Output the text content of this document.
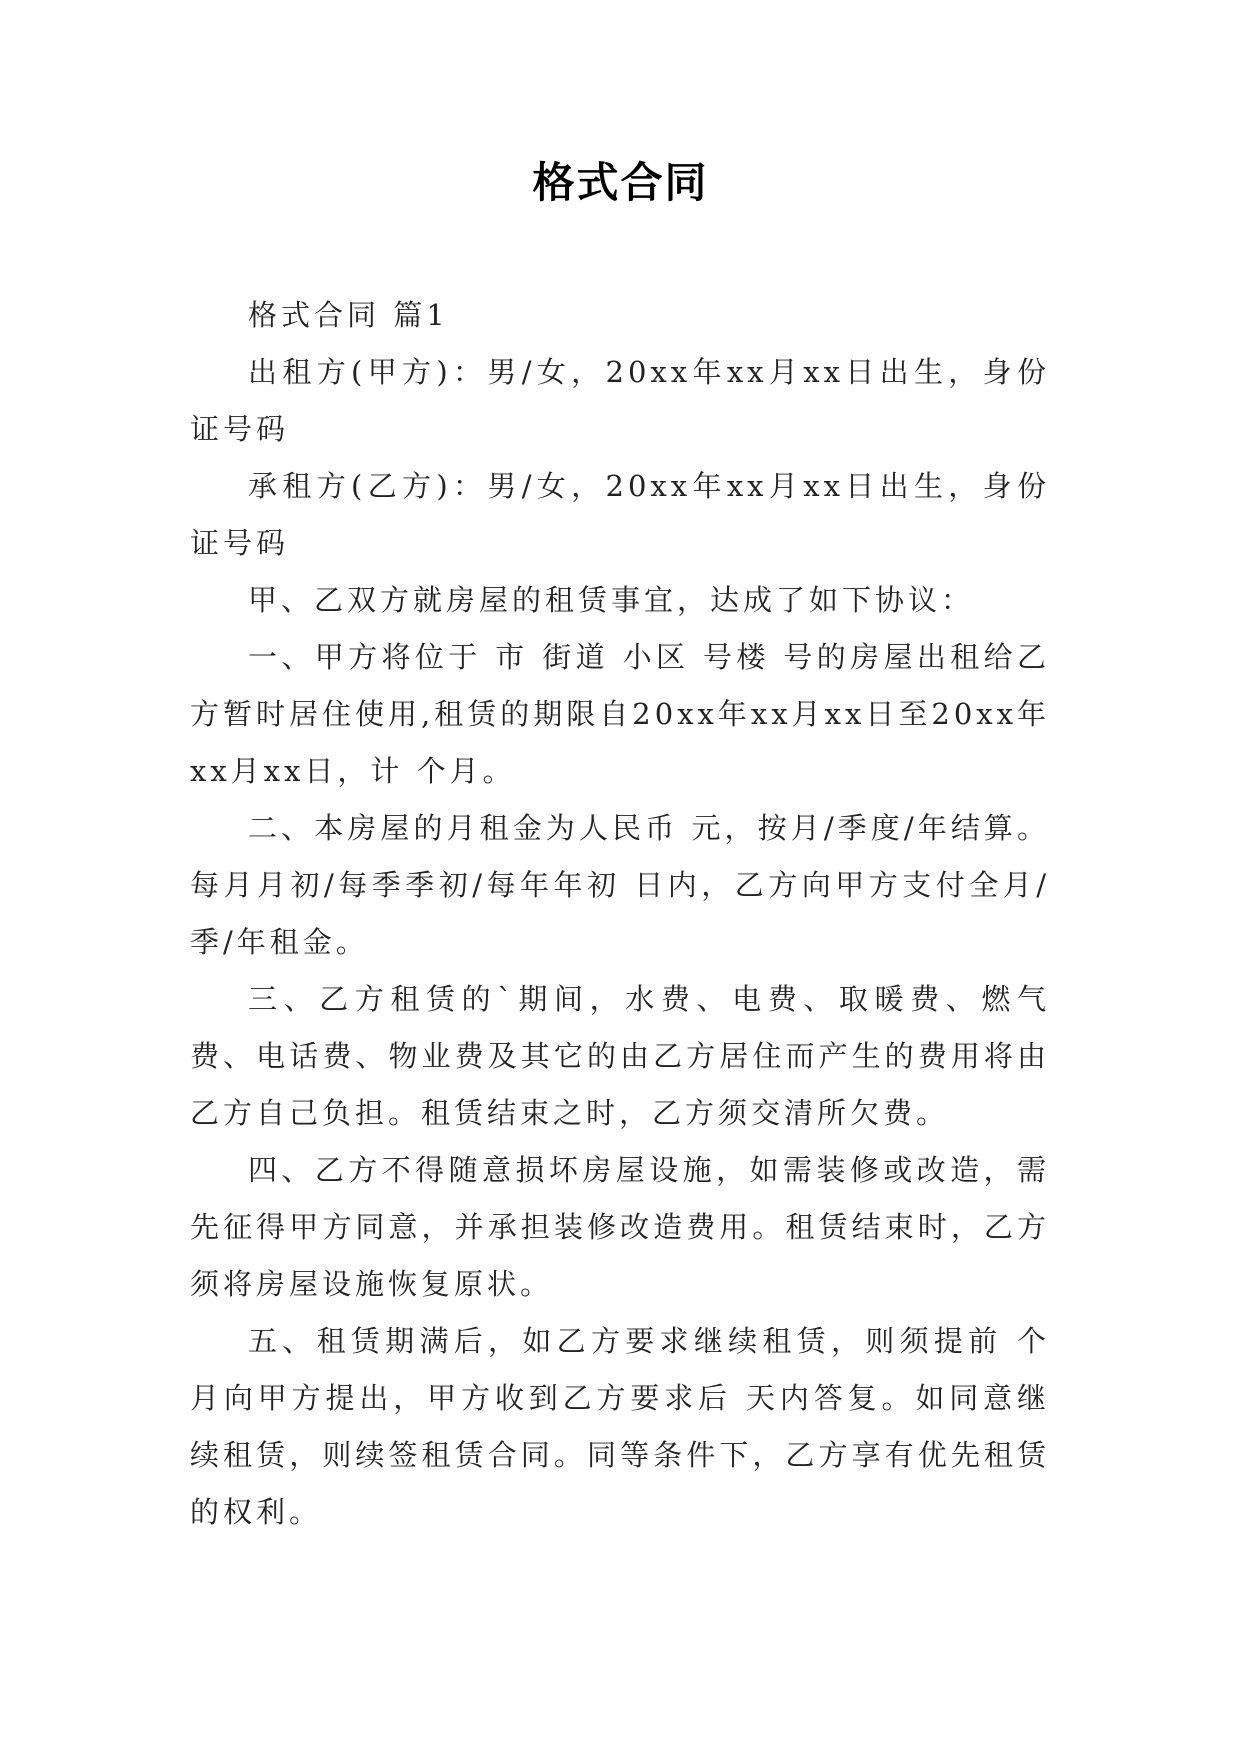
格式合同

格式合同 篇1

出租方(甲方)：男/女，20xx年xx月xx日出生，身份证号码

承租方(乙方)：男/女，20xx年xx月xx日出生，身份证号码

甲、乙双方就房屋的租赁事宜，达成了如下协议：

一、甲方将位于 市 街道 小区 号楼 号的房屋出租给乙方暂时居住使用,租赁的期限自20xx年xx月xx日至20xx年xx月xx日，计 个月。

二、本房屋的月租金为人民币 元，按月/季度/年结算。每月月初/每季季初/每年年初 日内，乙方向甲方支付全月/季/年租金。

三、乙方租赁的`期间，水费、电费、取暖费、燃气费、电话费、物业费及其它的由乙方居住而产生的费用将由乙方自己负担。租赁结束之时，乙方须交清所欠费。

四、乙方不得随意损坏房屋设施，如需装修或改造，需先征得甲方同意，并承担装修改造费用。租赁结束时，乙方须将房屋设施恢复原状。

五、租赁期满后，如乙方要求继续租赁，则须提前 个月向甲方提出，甲方收到乙方要求后 天内答复。如同意继续租赁，则续签租赁合同。同等条件下，乙方享有优先租赁的权利。
